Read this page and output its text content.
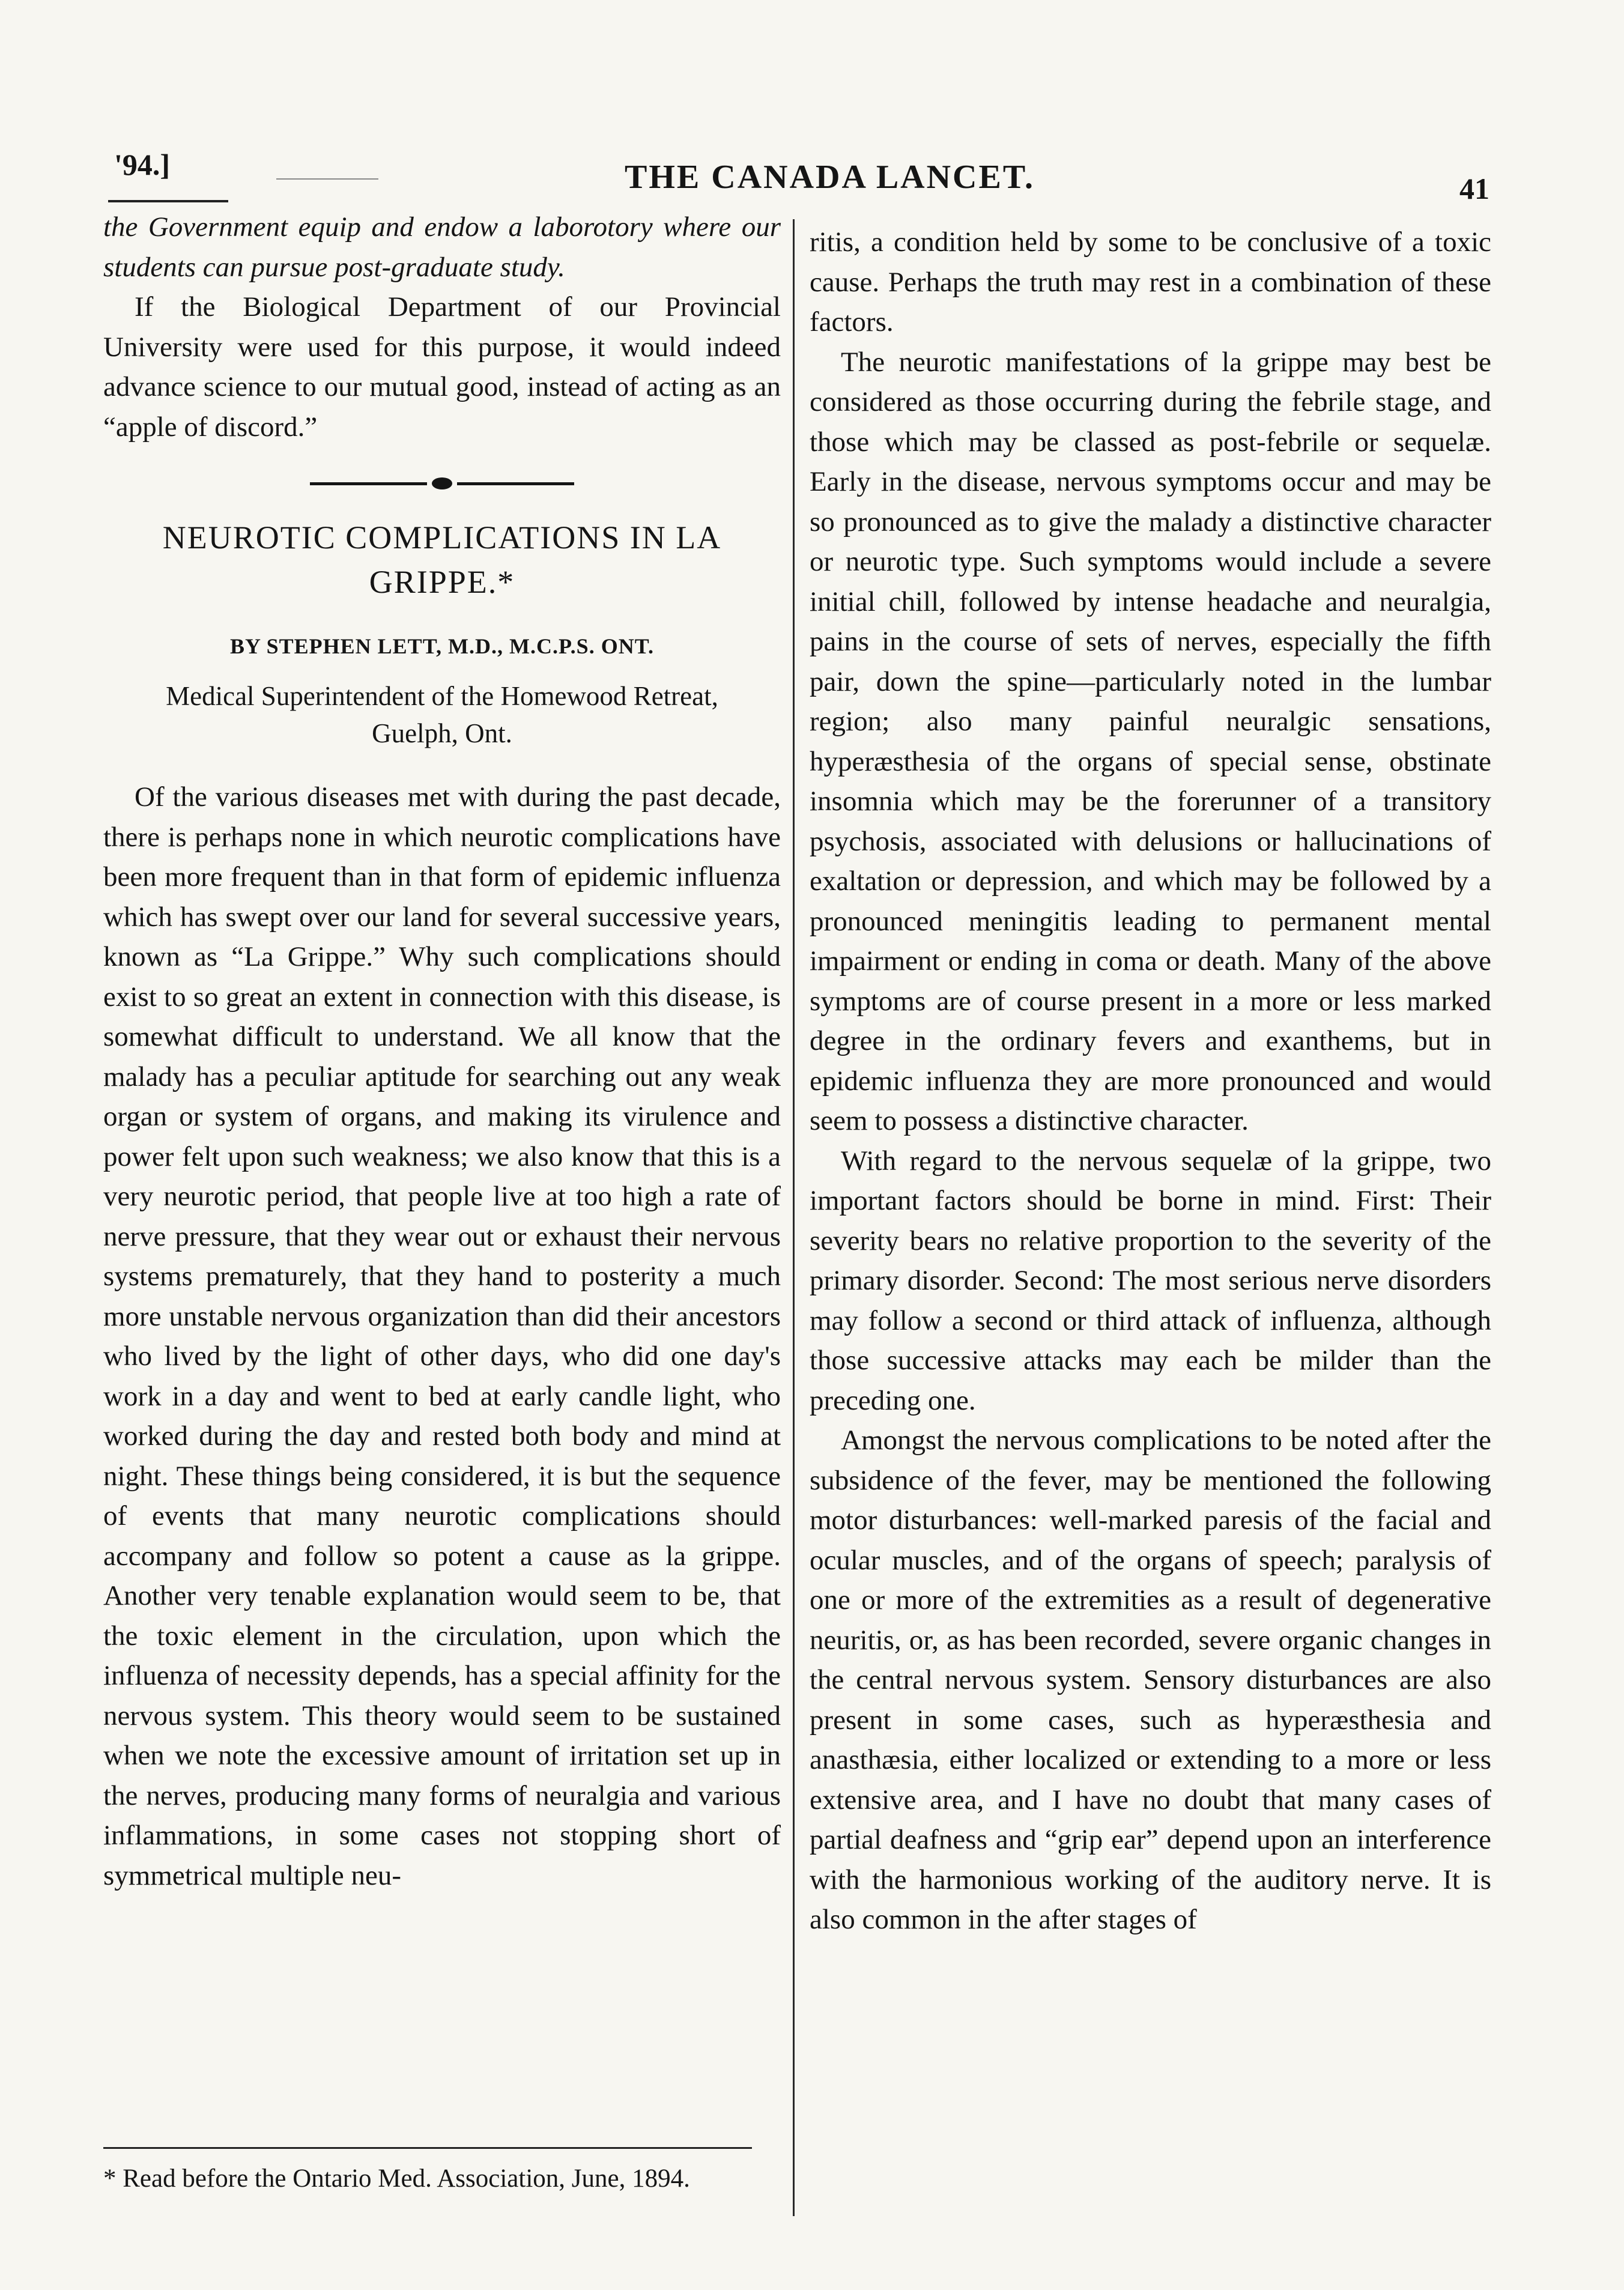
'94.]	THE CANADA LANCET.	41

the Government equip and endow a laborotory where our students can pursue post-graduate study.

If the Biological Department of our Provincial University were used for this purpose, it would indeed advance science to our mutual good, instead of acting as an “apple of discord.”

NEUROTIC COMPLICATIONS IN LA GRIPPE.*
BY STEPHEN LETT, M.D., M.C.P.S. ONT.
Medical Superintendent of the Homewood Retreat,
Guelph, Ont.

Of the various diseases met with during the past decade, there is perhaps none in which neurotic complications have been more frequent than in that form of epidemic influenza which has swept over our land for several successive years, known as “La Grippe.” Why such complications should exist to so great an extent in connection with this disease, is somewhat difficult to understand. We all know that the malady has a peculiar aptitude for searching out any weak organ or system of organs, and making its virulence and power felt upon such weakness; we also know that this is a very neurotic period, that people live at too high a rate of nerve pressure, that they wear out or exhaust their nervous systems prematurely, that they hand to posterity a much more unstable nervous organization than did their ancestors who lived by the light of other days, who did one day's work in a day and went to bed at early candle light, who worked during the day and rested both body and mind at night. These things being considered, it is but the sequence of events that many neurotic complications should accompany and follow so potent a cause as la grippe. Another very tenable explanation would seem to be, that the toxic element in the circulation, upon which the influenza of necessity depends, has a special affinity for the nervous system. This theory would seem to be sustained when we note the excessive amount of irritation set up in the nerves, producing many forms of neuralgia and various inflammations, in some cases not stopping short of symmetrical multiple neu-

* Read before the Ontario Med. Association, June, 1894.

ritis, a condition held by some to be conclusive of a toxic cause. Perhaps the truth may rest in a combination of these factors.

The neurotic manifestations of la grippe may best be considered as those occurring during the febrile stage, and those which may be classed as post-febrile or sequelæ. Early in the disease, nervous symptoms occur and may be so pronounced as to give the malady a distinctive character or neurotic type. Such symptoms would include a severe initial chill, followed by intense headache and neuralgia, pains in the course of sets of nerves, especially the fifth pair, down the spine—particularly noted in the lumbar region; also many painful neuralgic sensations, hyperæsthesia of the organs of special sense, obstinate insomnia which may be the forerunner of a transitory psychosis, associated with delusions or hallucinations of exaltation or depression, and which may be followed by a pronounced meningitis leading to permanent mental impairment or ending in coma or death. Many of the above symptoms are of course present in a more or less marked degree in the ordinary fevers and exanthems, but in epidemic influenza they are more pronounced and would seem to possess a distinctive character.

With regard to the nervous sequelæ of la grippe, two important factors should be borne in mind. First: Their severity bears no relative proportion to the severity of the primary disorder. Second: The most serious nerve disorders may follow a second or third attack of influenza, although those successive attacks may each be milder than the preceding one.

Amongst the nervous complications to be noted after the subsidence of the fever, may be mentioned the following motor disturbances: well-marked paresis of the facial and ocular muscles, and of the organs of speech; paralysis of one or more of the extremities as a result of degenerative neuritis, or, as has been recorded, severe organic changes in the central nervous system. Sensory disturbances are also present in some cases, such as hyperæsthesia and anasthæsia, either localized or extending to a more or less extensive area, and I have no doubt that many cases of partial deafness and “grip ear” depend upon an interference with the harmonious working of the auditory nerve. It is also common in the after stages of
